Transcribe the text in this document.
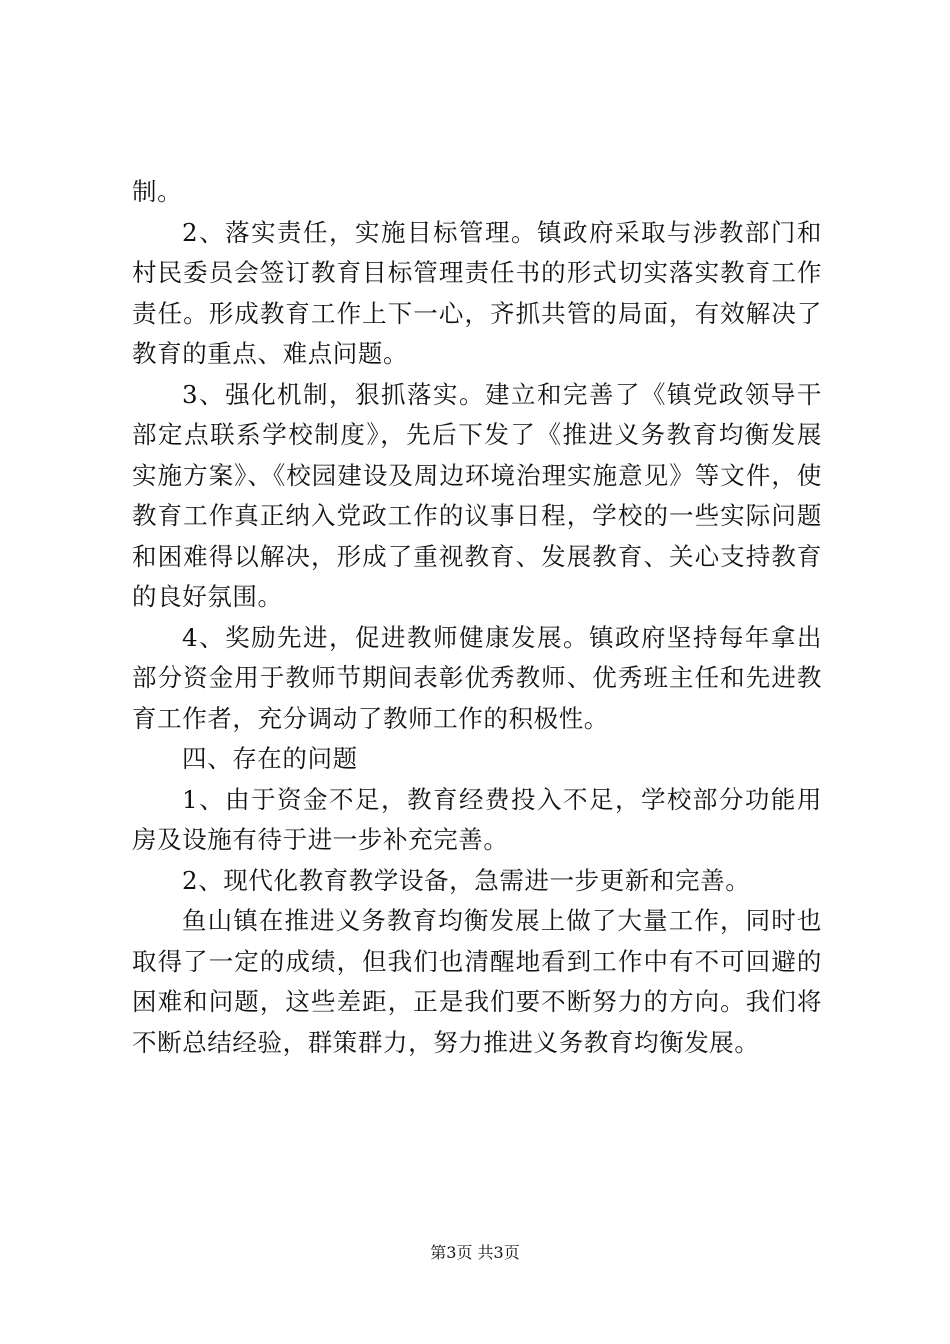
制。

2、落实责任，实施目标管理。镇政府采取与涉教部门和村民委员会签订教育目标管理责任书的形式切实落实教育工作责任。形成教育工作上下一心，齐抓共管的局面，有效解决了教育的重点、难点问题。

3、强化机制，狠抓落实。建立和完善了《镇党政领导干部定点联系学校制度》，先后下发了《推进义务教育均衡发展实施方案》、《校园建设及周边环境治理实施意见》等文件，使教育工作真正纳入党政工作的议事日程，学校的一些实际问题和困难得以解决，形成了重视教育、发展教育、关心支持教育的良好氛围。

4、奖励先进，促进教师健康发展。镇政府坚持每年拿出部分资金用于教师节期间表彰优秀教师、优秀班主任和先进教育工作者，充分调动了教师工作的积极性。

四、存在的问题

1、由于资金不足，教育经费投入不足，学校部分功能用房及设施有待于进一步补充完善。

2、现代化教育教学设备，急需进一步更新和完善。

鱼山镇在推进义务教育均衡发展上做了大量工作，同时也取得了一定的成绩，但我们也清醒地看到工作中有不可回避的困难和问题，这些差距，正是我们要不断努力的方向。我们将不断总结经验，群策群力，努力推进义务教育均衡发展。

第3页 共3页
